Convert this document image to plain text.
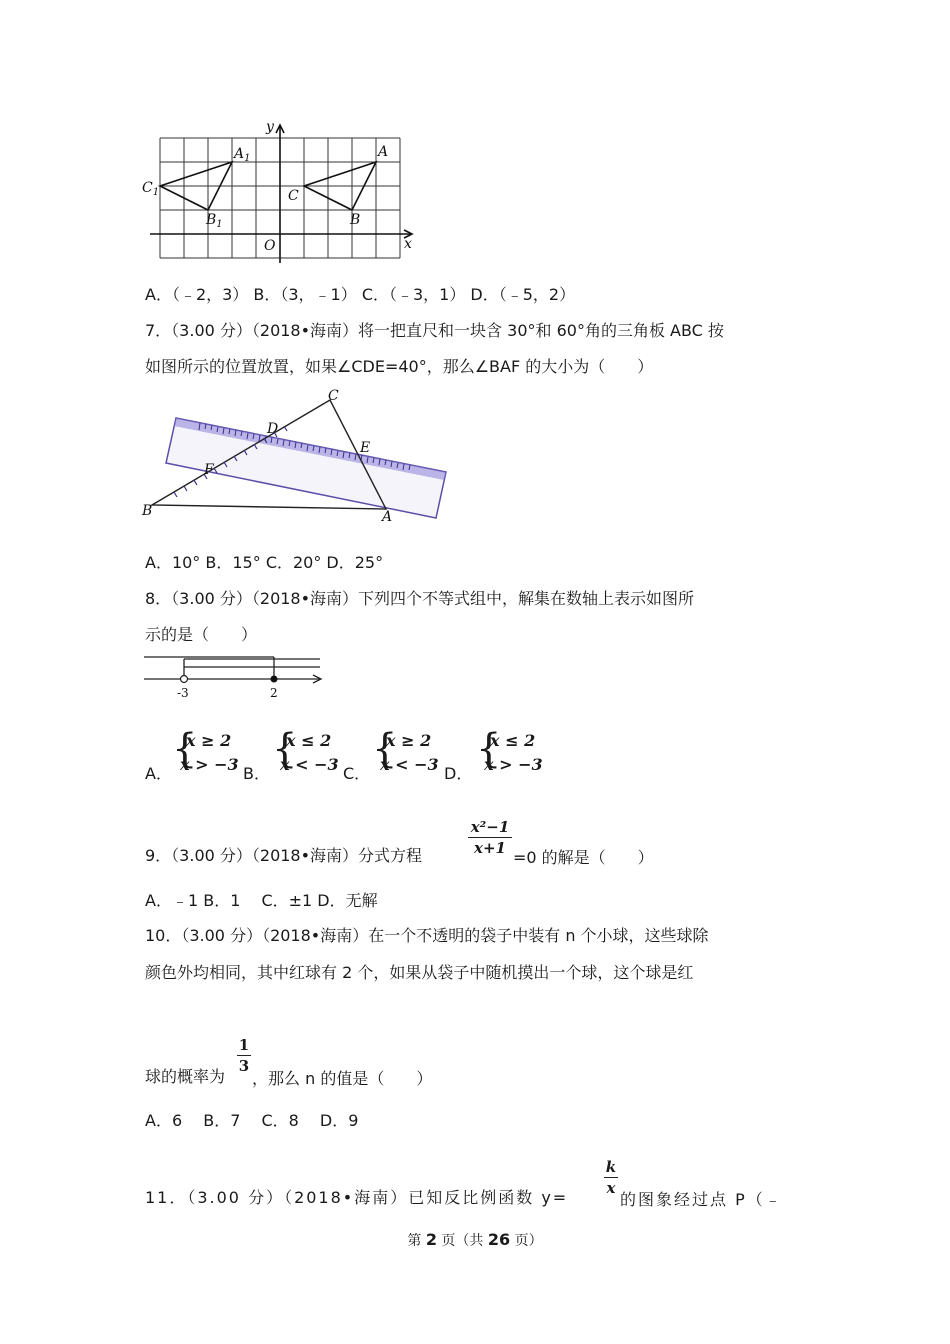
y
x
O
$A_1$
$C_1$
$B_1$
A
C
B
A．（﹣2，3） B．（3，﹣1） C．（﹣3，1） D．（﹣5，2）
7．（3.00 分）（2018•海南）将一把直尺和一块含 30°和 60°角的三角板 ABC 按
如图所示的位置放置，如果∠CDE=40°，那么∠BAF 的大小为（　　）
C
D
E
F
B	A
A．10° B．15° C．20° D．25°
8．（3.00 分）（2018•海南）下列四个不等式组中，解集在数轴上表示如图所
示的是（　　）
-3	2
A．
{
x ≥ 2
x > −3 B．
{
x ≤ 2
x < −3 C．
{
x ≥ 2
x < −3 D．
{
x ≤ 2
x > −3
9．（3.00 分）（2018•海南）分式方程
x²−1
x+1 =0 的解是（　　）
A．﹣1 B．1　 C．±1 D．无解
10．（3.00 分）（2018•海南）在一个不透明的袋子中装有 n 个小球，这些球除
颜色外均相同，其中红球有 2 个，如果从袋子中随机摸出一个球，这个球是红
球的概率为
1
3
，那么 n 的值是（　　）
A．6　 B．7　 C．8　 D．9
11．（3.00 分）（2018•海南）已知反比例函数 y=
k
x
的图象经过点 P（﹣
第 2 页（共 26 页）
